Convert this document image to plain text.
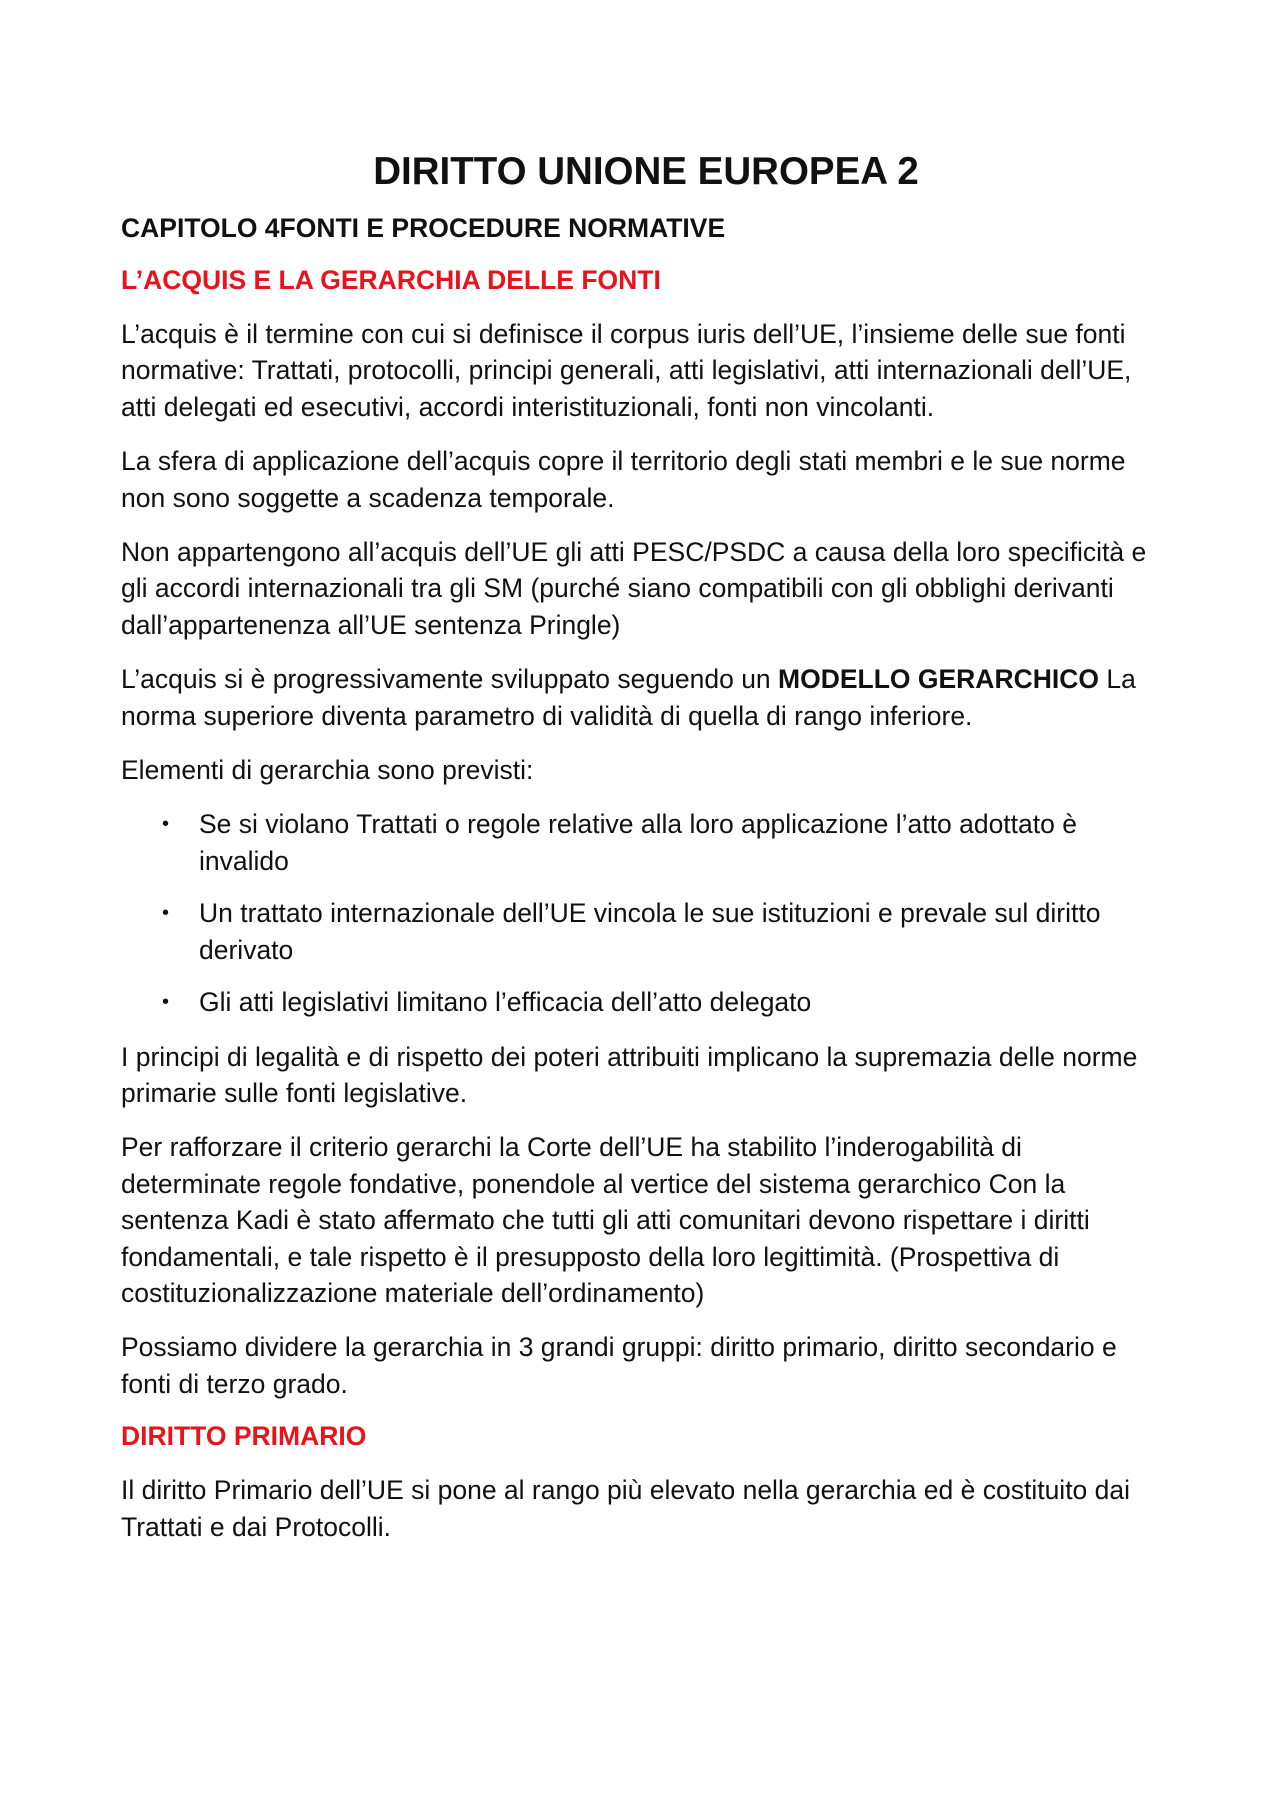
DIRITTO UNIONE EUROPEA 2
CAPITOLO 4FONTI E PROCEDURE NORMATIVE
L’ACQUIS E LA GERARCHIA DELLE FONTI

L’acquis è il termine con cui si definisce il corpus iuris dell’UE, l’insieme delle sue fonti normative: Trattati, protocolli, principi generali, atti legislativi, atti internazionali dell’UE, atti delegati ed esecutivi, accordi interistituzionali, fonti non vincolanti.

La sfera di applicazione dell’acquis copre il territorio degli stati membri e le sue norme non sono soggette a scadenza temporale.

Non appartengono all’acquis dell’UE gli atti PESC/PSDC a causa della loro specificità e gli accordi internazionali tra gli SM (purché siano compatibili con gli obblighi derivanti dall’appartenenza all’UE sentenza Pringle)

L’acquis si è progressivamente sviluppato seguendo un MODELLO GERARCHICO La norma superiore diventa parametro di validità di quella di rango inferiore.

Elementi di gerarchia sono previsti:

• Se si violano Trattati o regole relative alla loro applicazione l’atto adottato è invalido
• Un trattato internazionale dell’UE vincola le sue istituzioni e prevale sul diritto derivato
• Gli atti legislativi limitano l’efficacia dell’atto delegato

I principi di legalità e di rispetto dei poteri attribuiti implicano la supremazia delle norme primarie sulle fonti legislative.

Per rafforzare il criterio gerarchi la Corte dell’UE ha stabilito l’inderogabilità di determinate regole fondative, ponendole al vertice del sistema gerarchico Con la sentenza Kadi è stato affermato che tutti gli atti comunitari devono rispettare i diritti fondamentali, e tale rispetto è il presupposto della loro legittimità. (Prospettiva di costituzionalizzazione materiale dell’ordinamento)

Possiamo dividere la gerarchia in 3 grandi gruppi: diritto primario, diritto secondario e fonti di terzo grado.

DIRITTO PRIMARIO

Il diritto Primario dell’UE si pone al rango più elevato nella gerarchia ed è costituito dai Trattati e dai Protocolli.
